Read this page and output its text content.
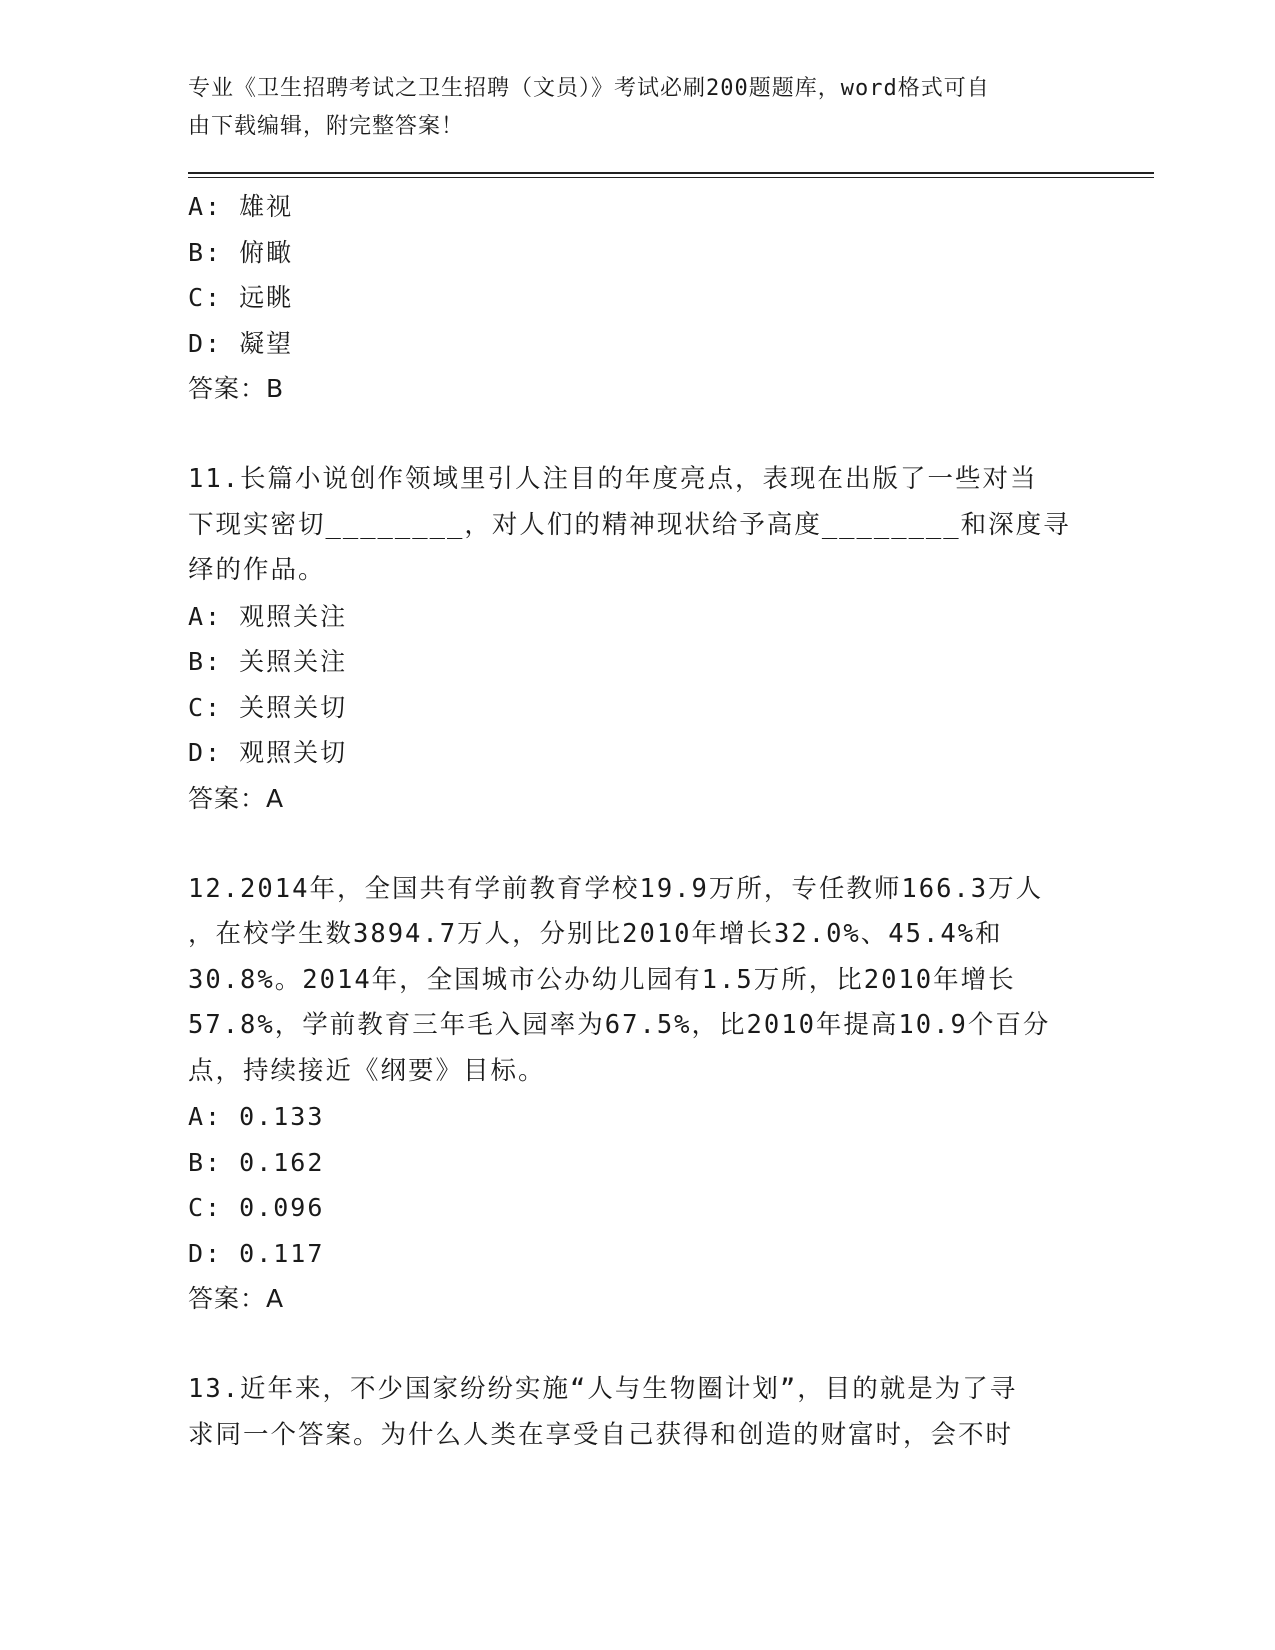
专业《卫生招聘考试之卫生招聘（文员）》考试必刷200题题库，word格式可自
由下载编辑，附完整答案！
A: 雄视
B: 俯瞰
C: 远眺
D: 凝望
答案：B
11.长篇小说创作领域里引人注目的年度亮点，表现在出版了一些对当
下现实密切________，对人们的精神现状给予高度________和深度寻
绎的作品。
A: 观照关注
B: 关照关注
C: 关照关切
D: 观照关切
答案：A
12.2014年，全国共有学前教育学校19.9万所，专任教师166.3万人
，在校学生数3894.7万人，分别比2010年增长32.0%、45.4%和
30.8%。2014年，全国城市公办幼儿园有1.5万所，比2010年增长
57.8%，学前教育三年毛入园率为67.5%，比2010年提高10.9个百分
点，持续接近《纲要》目标。
A: 0.133
B: 0.162
C: 0.096
D: 0.117
答案：A
13.近年来，不少国家纷纷实施“人与生物圈计划”，目的就是为了寻
求同一个答案。为什么人类在享受自己获得和创造的财富时，会不时
